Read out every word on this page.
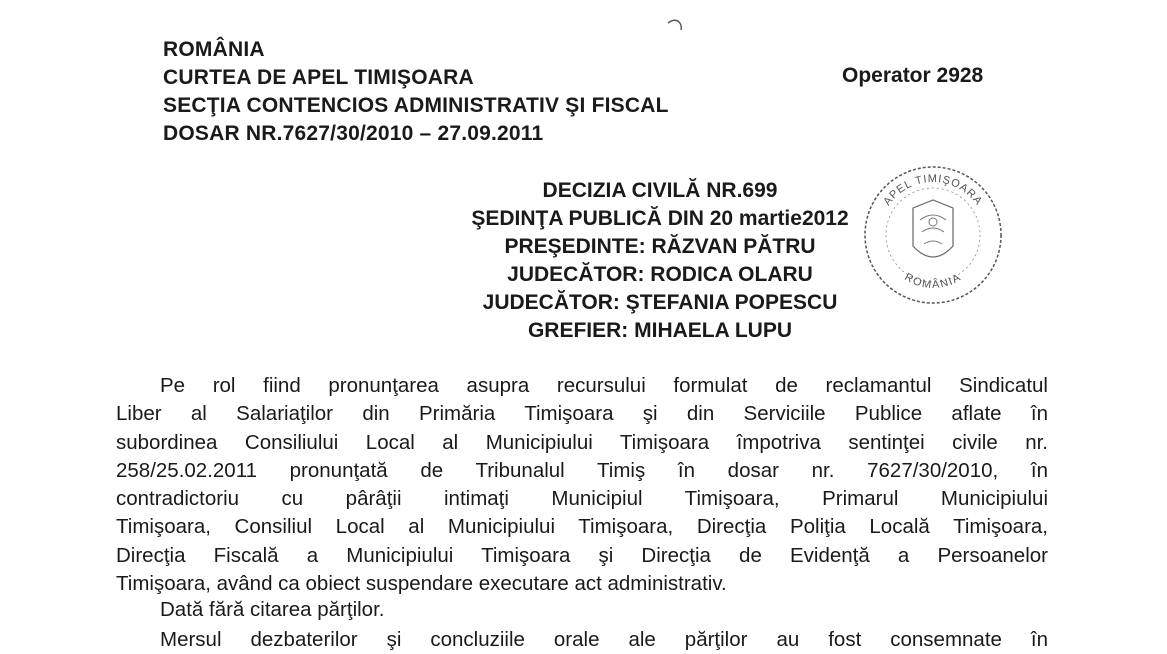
ROMÂNIA

CURTEA DE APEL TIMIŞOARA

SECŢIA CONTENCIOS ADMINISTRATIV ŞI FISCAL

DOSAR NR.7627/30/2010 – 27.09.2011

Operator 2928
DECIZIA CIVILĂ NR.699
ŞEDINŢA PUBLICĂ DIN 20 martie2012
PREŞEDINTE: RĂZVAN PĂTRU
JUDECĂTOR: RODICA OLARU
JUDECĂTOR: ŞTEFANIA POPESCU
GREFIER: MIHAELA LUPU
Pe rol fiind pronunţarea asupra recursului formulat de reclamantul Sindicatul
Liber al Salariaţilor din Primăria Timişoara şi din Serviciile Publice aflate în
subordinea Consiliului Local al Municipiului Timişoara împotriva sentinţei civile nr.
258/25.02.2011 pronunţată de Tribunalul Timiş în dosar nr. 7627/30/2010, în
contradictoriu cu pârâţii intimaţi Municipiul Timişoara, Primarul Municipiului
Timişoara, Consiliul Local al Municipiului Timişoara, Direcţia Poliţia Locală Timişoara,
Direcţia Fiscală a Municipiului Timişoara şi Direcţia de Evidenţă a Persoanelor
Timişoara, având ca obiect suspendare executare act administrativ.
Dată fără citarea părţilor.
Mersul dezbaterilor şi concluziile orale ale părţilor au fost consemnate în
APEL TIMIŞOARA
ROMÂNIA
